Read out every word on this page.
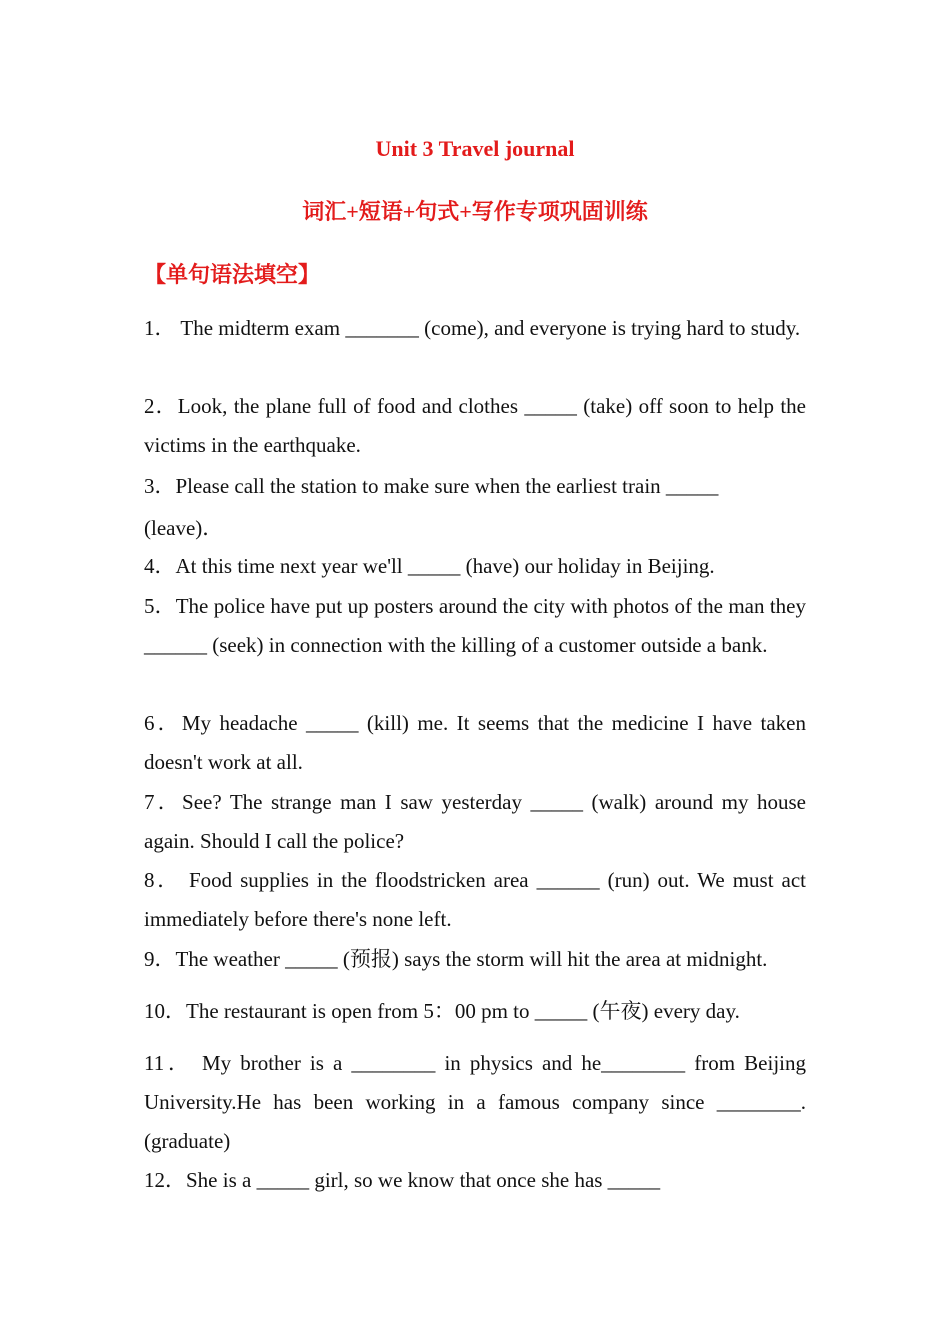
Unit 3 Travel journal
词汇+短语+句式+写作专项巩固训练
【单句语法填空】

1． The midterm exam _______ (come), and everyone is trying hard to study.

2．Look, the plane full of food and clothes _____ (take) off soon to help the victims in the earthquake.

3．Please call the station to make sure when the earliest train _____
(leave)．

4．At this time next year we'll _____ (have) our holiday in Beijing.

5．The police have put up posters around the city with photos of the man they ______ (seek) in connection with the killing of a customer outside a bank.

6．My headache _____ (kill) me. It seems that the medicine I have taken doesn't work at all.

7．See? The strange man I saw yesterday _____ (walk) around my house again. Should I call the police?

8． Food supplies in the floodstricken area ______ (run) out. We must act immediately before there's none left.

9．The weather _____ (预报) says the storm will hit the area at midnight.

10．The restaurant is open from 5：00 pm to _____ (午夜) every day.

11． My brother is a ________ in physics and he________ from Beijing University.He has been working in a famous company since ________. (graduate)

12．She is a _____ girl, so we know that once she has _____
